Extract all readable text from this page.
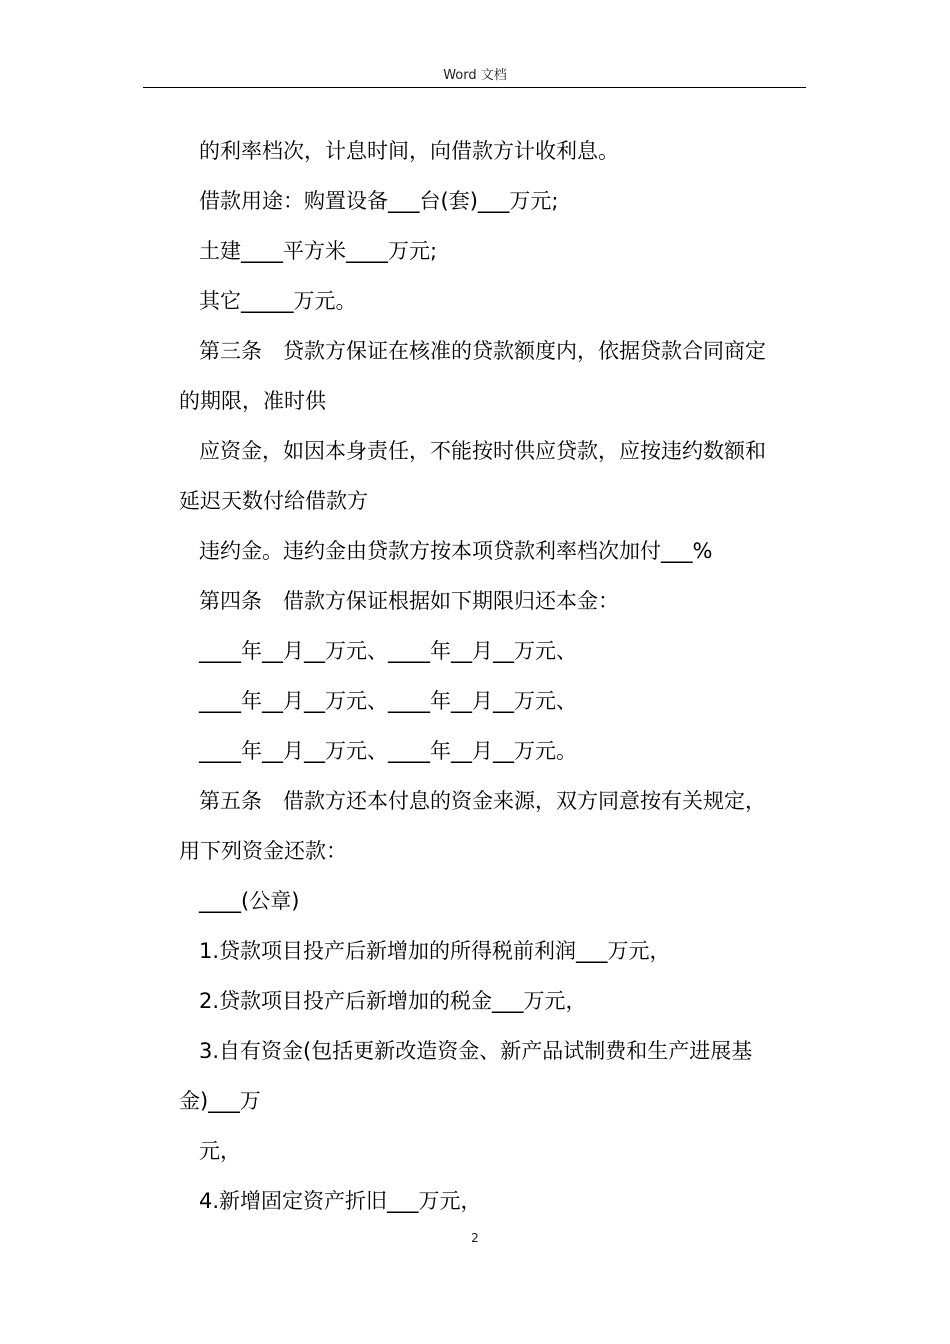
Word 文档
的利率档次，计息时间，向借款方计收利息。
借款用途：购置设备___台(套)___万元;
土建____平方米____万元;
其它_____万元。
第三条　贷款方保证在核准的贷款额度内，依据贷款合同商定
的期限，准时供
应资金，如因本身责任，不能按时供应贷款，应按违约数额和
延迟天数付给借款方
违约金。违约金由贷款方按本项贷款利率档次加付___%
第四条　借款方保证根据如下期限归还本金：
____年__月__万元、____年__月__万元、
____年__月__万元、____年__月__万元、
____年__月__万元、____年__月__万元。
第五条　借款方还本付息的资金来源，双方同意按有关规定，
用下列资金还款：
____(公章)
1.贷款项目投产后新增加的所得税前利润___万元，
2.贷款项目投产后新增加的税金___万元，
3.自有资金(包括更新改造资金、新产品试制费和生产进展基
金)___万
元，
4.新增固定资产折旧___万元，
2
